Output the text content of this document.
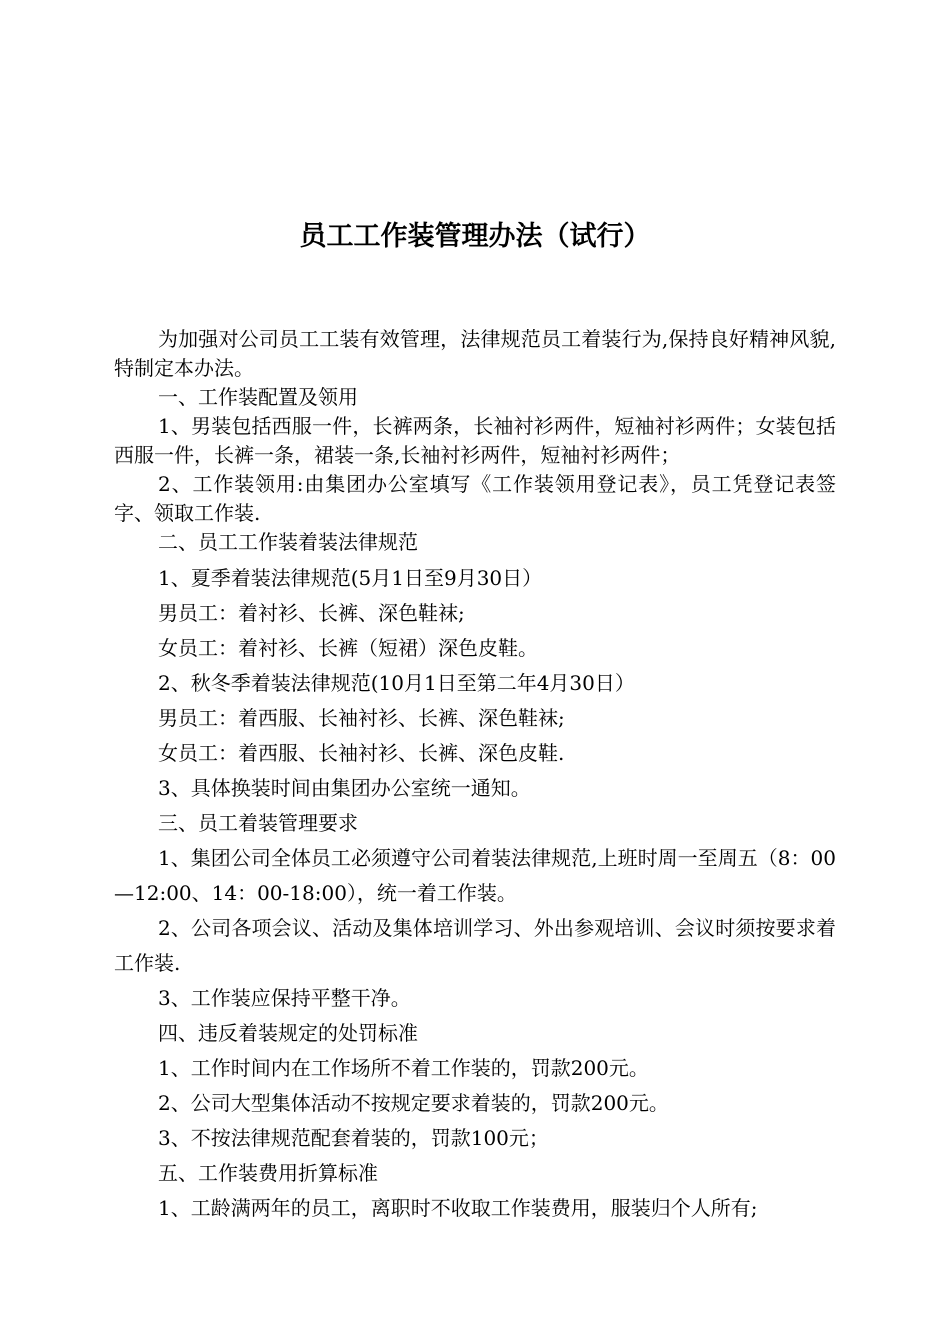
员工工作装管理办法（试行）

为加强对公司员工工装有效管理，法律规范员工着装行为,保持良好精神风貌,特制定本办法。

一、工作装配置及领用

1、男装包括西服一件，长裤两条，长袖衬衫两件，短袖衬衫两件；女装包括西服一件，长裤一条，裙装一条,长袖衬衫两件，短袖衬衫两件；

2、工作装领用:由集团办公室填写《工作装领用登记表》，员工凭登记表签字、领取工作装.

二、员工工作装着装法律规范

1、夏季着装法律规范(5月1日至9月30日）

男员工：着衬衫、长裤、深色鞋袜;

女员工：着衬衫、长裤（短裙）深色皮鞋。

2、秋冬季着装法律规范(10月1日至第二年4月30日）

男员工：着西服、长袖衬衫、长裤、深色鞋袜;

女员工：着西服、长袖衬衫、长裤、深色皮鞋.

3、具体换装时间由集团办公室统一通知。

三、员工着装管理要求

1、集团公司全体员工必须遵守公司着装法律规范,上班时周一至周五（8：00—12:00、14：00-18:00），统一着工作装。

2、公司各项会议、活动及集体培训学习、外出参观培训、会议时须按要求着工作装.

3、工作装应保持平整干净。

四、违反着装规定的处罚标准

1、工作时间内在工作场所不着工作装的，罚款200元。

2、公司大型集体活动不按规定要求着装的，罚款200元。

3、不按法律规范配套着装的，罚款100元；

五、工作装费用折算标准

1、工龄满两年的员工，离职时不收取工作装费用，服装归个人所有;
